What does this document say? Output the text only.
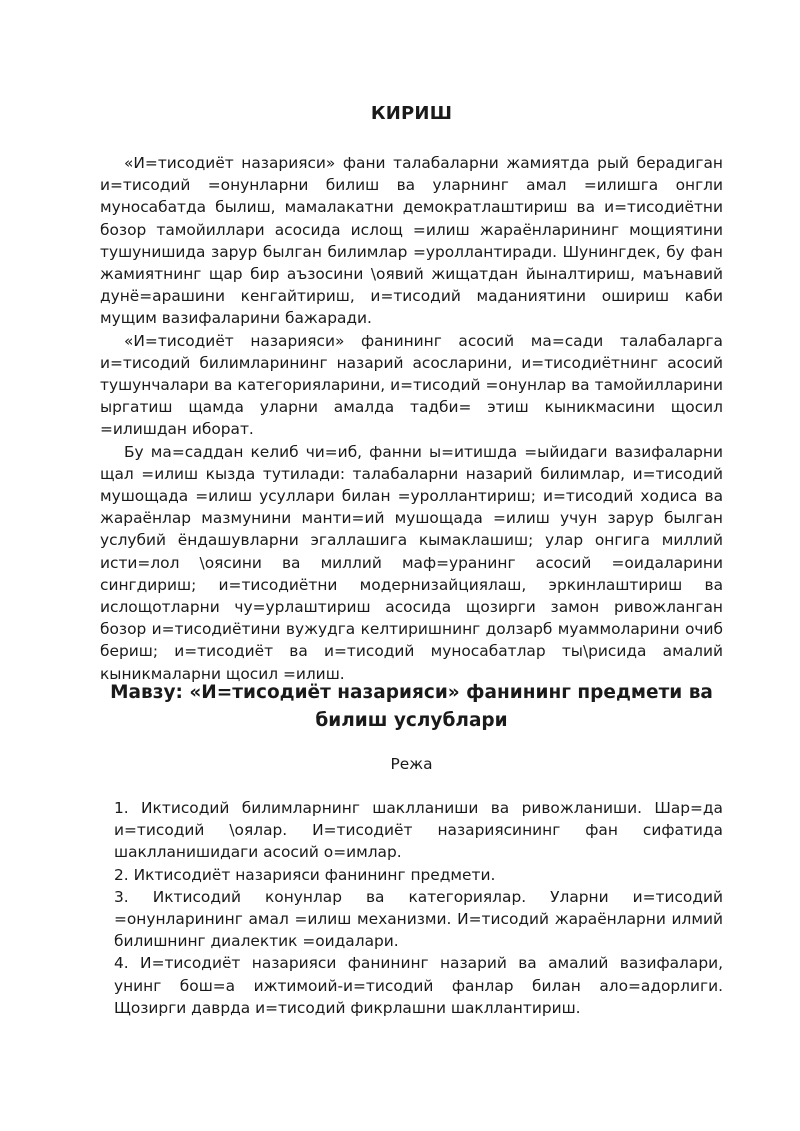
КИРИШ

«И=тисодиёт назарияси» фани талабаларни жамиятда рый берадиган и=тисодий =онунларни билиш ва уларнинг амал =илишга онгли муносабатда былиш, мамалакатни демократлаштириш ва и=тисодиётни бозор тамойиллари асосида ислощ =илиш жараёнларининг мощиятини тушунишида зарур былган билимлар =уроллантиради. Шунингдек, бу фан жамиятнинг щар бир аъзосини \оявий жищатдан йыналтириш, маънавий дунё=арашини кенгайтириш, и=тисодий маданиятини ошириш каби мущим вазифаларини бажаради.

«И=тисодиёт назарияси» фанининг асосий ма=сади талабаларга и=тисодий билимларининг назарий асосларини, и=тисодиётнинг асосий тушунчалари ва категорияларини, и=тисодий =онунлар ва тамойилларини ыргатиш щамда уларни амалда тадби= этиш кыникмасини щосил =илишдан иборат.

Бу ма=саддан келиб чи=иб, фанни ы=итишда =ыйидаги вазифаларни щал =илиш кызда тутилади: талабаларни назарий билимлар, и=тисодий мушощада =илиш усуллари билан =уроллантириш; и=тисодий ходиса ва жараёнлар мазмунини манти=ий мушощада =илиш учун зарур былган услубий ёндашувларни эгаллашига кымаклашиш; улар онгига миллий исти=лол \оясини ва миллий маф=уранинг асосий =оидаларини сингдириш; и=тисодиётни модернизайциялаш, эркинлаштириш ва ислощотларни чу=урлаштириш асосида щозирги замон ривожланган бозор и=тисодиётини вужудга келтиришнинг долзарб муаммоларини очиб бериш; и=тисодиёт ва и=тисодий муносабатлар ты\рисида амалий кыникмаларни щосил =илиш.

Мавзу: «И=тисодиёт назарияси» фанининг предмети ва билиш услублари
Режа

1. Иктисодий билимларнинг шаклланиши ва ривожланиши. Шар=да и=тисодий \оялар. И=тисодиёт назариясининг фан сифатида шаклланишидаги асосий о=имлар.

2. Иктисодиёт назарияси фанининг предмети.

3. Иктисодий конунлар ва категориялар. Уларни и=тисодий =онунларининг амал =илиш механизми. И=тисодий жараёнларни илмий билишнинг диалектик =оидалари.

4. И=тисодиёт назарияси фанининг назарий ва амалий вазифалари, унинг бош=а ижтимоий-и=тисодий фанлар билан ало=адорлиги. Щозирги даврда и=тисодий фикрлашни шакллантириш.
